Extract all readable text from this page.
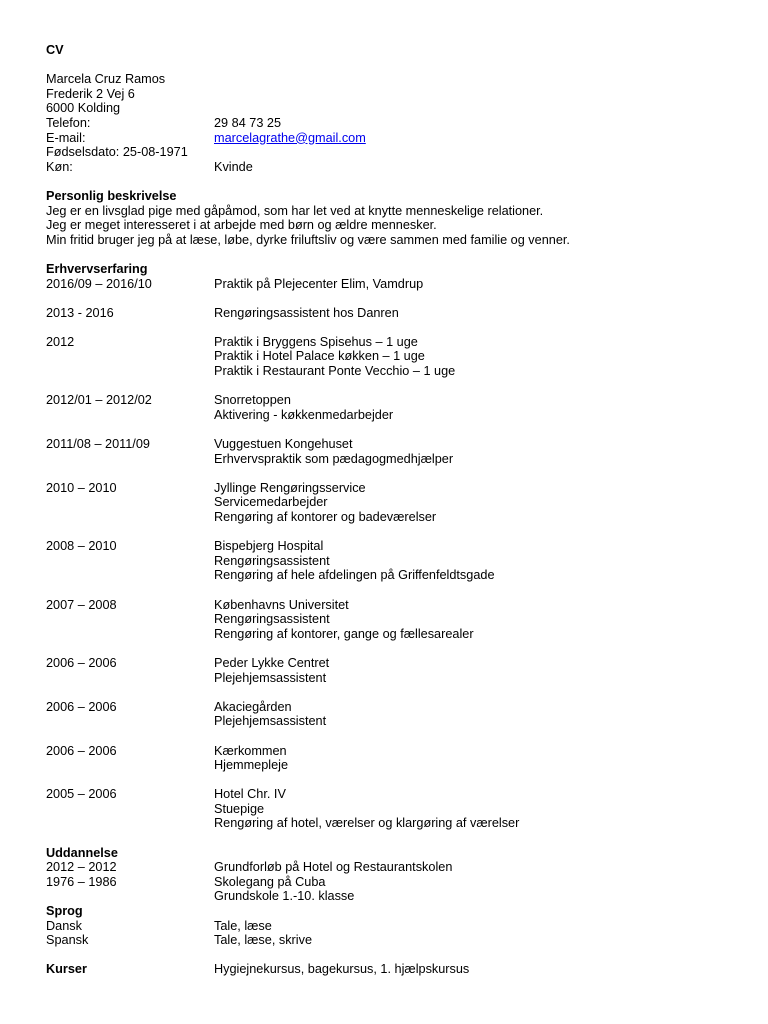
CV
Marcela Cruz Ramos
Frederik 2 Vej 6
6000 Kolding
Telefon:	29 84 73 25
E-mail:	marcelagrathe@gmail.com
Fødselsdato: 25-08-1971
Køn:	Kvinde
Personlig beskrivelse
Jeg er en livsglad pige med gåpåmod, som har let ved at knytte menneskelige relationer.
Jeg er meget interesseret i at arbejde med børn og ældre mennesker.
Min fritid bruger jeg på at læse, løbe, dyrke friluftsliv og være sammen med familie og venner.
Erhvervserfaring
2016/09 – 2016/10	Praktik på Plejecenter Elim, Vamdrup
2013 - 2016	Rengøringsassistent hos Danren
2012	Praktik i Bryggens Spisehus – 1 uge
Praktik i Hotel Palace køkken – 1 uge
Praktik i Restaurant Ponte Vecchio – 1 uge
2012/01 – 2012/02	Snorretoppen
Aktivering - køkkenmedarbejder
2011/08 – 2011/09	Vuggestuen Kongehuset
Erhvervspraktik som pædagogmedhjælper
2010 – 2010	Jyllinge Rengøringsservice
Servicemedarbejder
Rengøring af kontorer og badeværelser
2008 – 2010	Bispebjerg Hospital
Rengøringsassistent
Rengøring af hele afdelingen på Griffenfeldtsgade
2007 – 2008	Københavns Universitet
Rengøringsassistent
Rengøring af kontorer, gange og fællesarealer
2006 – 2006	Peder Lykke Centret
Plejehjemsassistent
2006 – 2006	Akaciegården
Plejehjemsassistent
2006 – 2006	Kærkommen
Hjemmepleje
2005 – 2006	Hotel Chr. IV
Stuepige
Rengøring af hotel, værelser og klargøring af værelser
Uddannelse
2012 – 2012	Grundforløb på Hotel og Restaurantskolen
1976 – 1986	Skolegang på Cuba
Grundskole 1.-10. klasse
Sprog
Dansk	Tale, læse
Spansk	Tale, læse, skrive
Kurser	Hygiejnekursus, bagekursus, 1. hjælpskursus
